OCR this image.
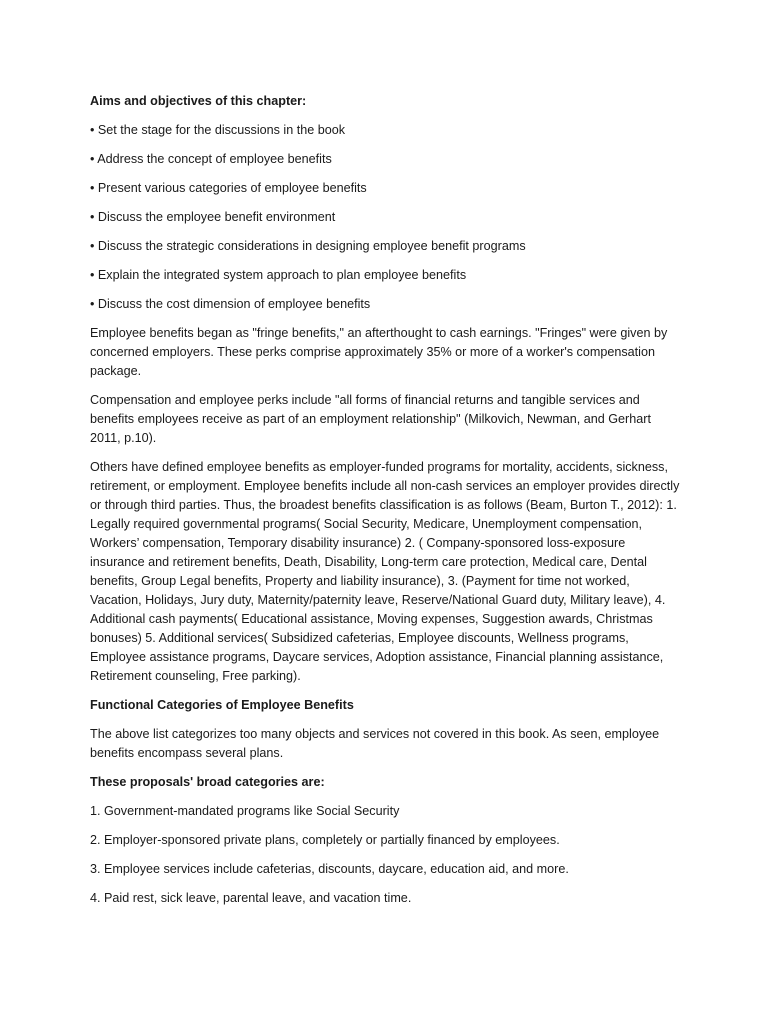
Aims and objectives of this chapter:

• Set the stage for the discussions in the book

• Address the concept of employee benefits

• Present various categories of employee benefits

• Discuss the employee benefit environment

• Discuss the strategic considerations in designing employee benefit programs

• Explain the integrated system approach to plan employee benefits

• Discuss the cost dimension of employee benefits

Employee benefits began as "fringe benefits," an afterthought to cash earnings. "Fringes" were given by concerned employers. These perks comprise approximately 35% or more of a worker's compensation package.

Compensation and employee perks include "all forms of financial returns and tangible services and benefits employees receive as part of an employment relationship" (Milkovich, Newman, and Gerhart 2011, p.10).

Others have defined employee benefits as employer-funded programs for mortality, accidents, sickness, retirement, or employment. Employee benefits include all non-cash services an employer provides directly or through third parties. Thus, the broadest benefits classification is as follows (Beam, Burton T., 2012): 1. Legally required governmental programs( Social Security, Medicare, Unemployment compensation, Workers’ compensation, Temporary disability insurance) 2. ( Company-sponsored loss-exposure insurance and retirement benefits, Death, Disability, Long-term care protection, Medical care, Dental benefits, Group Legal benefits, Property and liability insurance), 3. (Payment for time not worked, Vacation, Holidays, Jury duty, Maternity/paternity leave, Reserve/National Guard duty, Military leave), 4. Additional cash payments( Educational assistance, Moving expenses, Suggestion awards, Christmas bonuses) 5. Additional services( Subsidized cafeterias, Employee discounts, Wellness programs, Employee assistance programs, Daycare services, Adoption assistance, Financial planning assistance, Retirement counseling, Free parking).

Functional Categories of Employee Benefits

The above list categorizes too many objects and services not covered in this book. As seen, employee benefits encompass several plans.

These proposals' broad categories are:

1. Government-mandated programs like Social Security

2. Employer-sponsored private plans, completely or partially financed by employees.

3. Employee services include cafeterias, discounts, daycare, education aid, and more.

4. Paid rest, sick leave, parental leave, and vacation time.
